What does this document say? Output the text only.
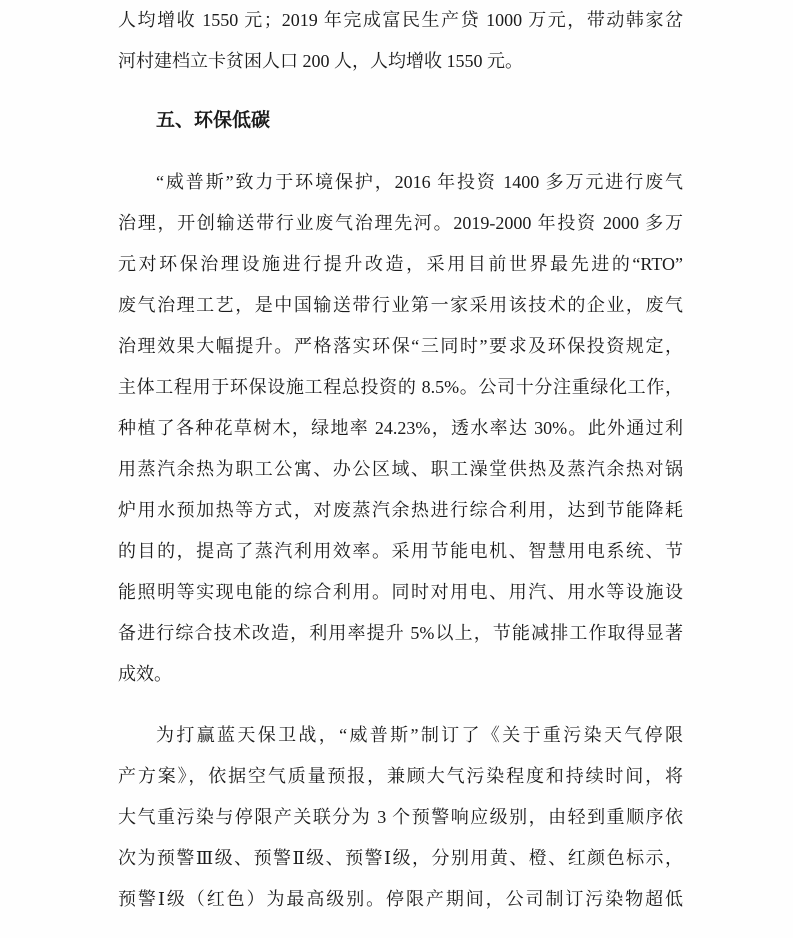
人均增收 1550 元；2019 年完成富民生产贷 1000 万元，带动韩家岔
河村建档立卡贫困人口 200 人，人均增收 1550 元。
五、环保低碳
“威普斯”致力于环境保护，2016 年投资 1400 多万元进行废气
治理，开创输送带行业废气治理先河。2019-2000 年投资 2000 多万
元对环保治理设施进行提升改造，采用目前世界最先进的“RTO”
废气治理工艺，是中国输送带行业第一家采用该技术的企业，废气
治理效果大幅提升。严格落实环保“三同时”要求及环保投资规定，
主体工程用于环保设施工程总投资的 8.5%。公司十分注重绿化工作，
种植了各种花草树木，绿地率 24.23%，透水率达 30%。此外通过利
用蒸汽余热为职工公寓、办公区域、职工澡堂供热及蒸汽余热对锅
炉用水预加热等方式，对废蒸汽余热进行综合利用，达到节能降耗
的目的，提高了蒸汽利用效率。采用节能电机、智慧用电系统、节
能照明等实现电能的综合利用。同时对用电、用汽、用水等设施设
备进行综合技术改造，利用率提升 5%以上，节能减排工作取得显著
成效。
为打赢蓝天保卫战，“威普斯”制订了《关于重污染天气停限
产方案》，依据空气质量预报，兼顾大气污染程度和持续时间，将
大气重污染与停限产关联分为 3 个预警响应级别，由轻到重顺序依
次为预警Ⅲ级、预警Ⅱ级、预警Ⅰ级，分别用黄、橙、红颜色标示，
预警Ⅰ级（红色）为最高级别。停限产期间，公司制订污染物超低
